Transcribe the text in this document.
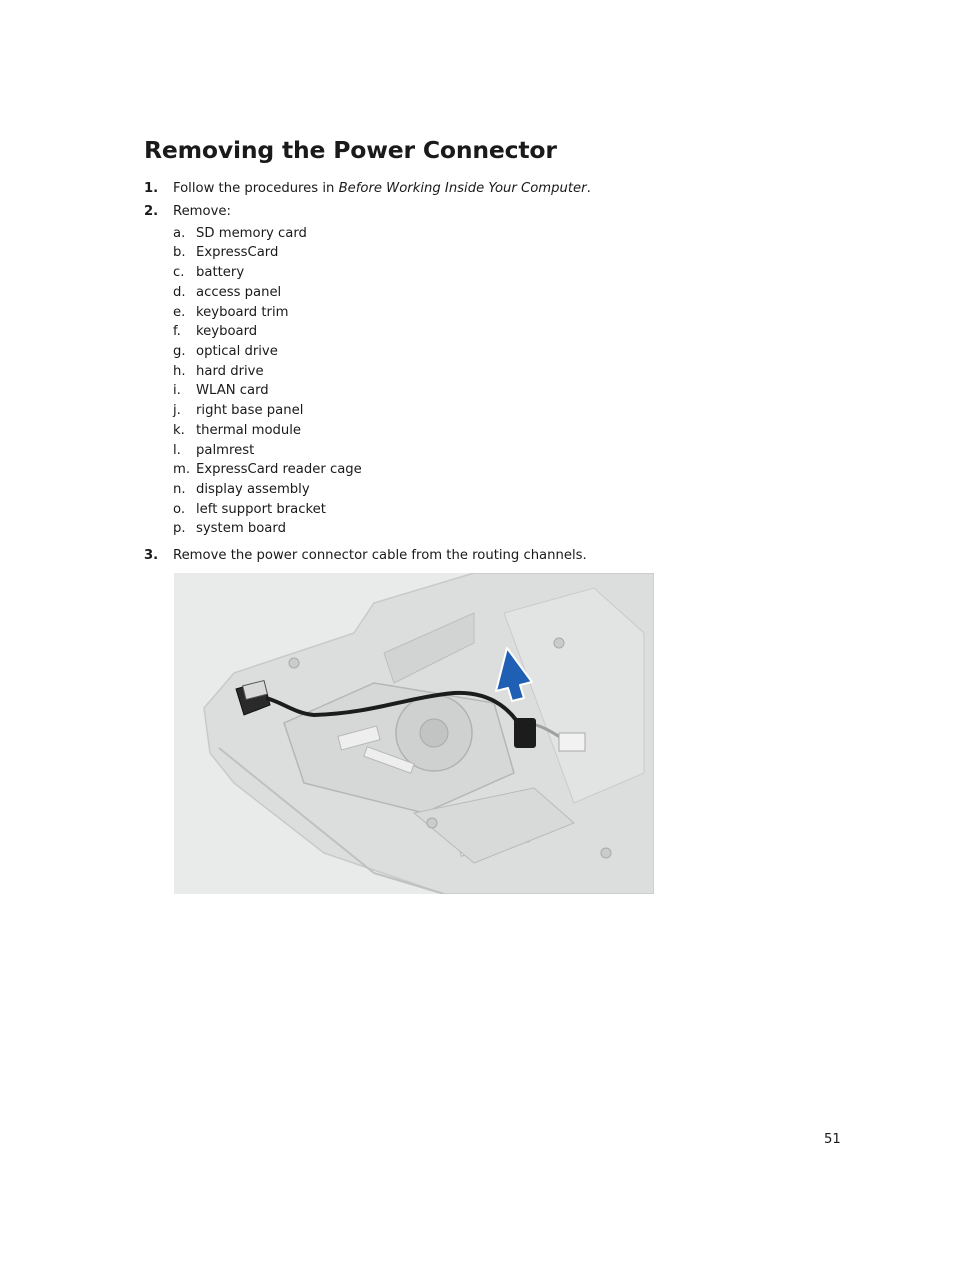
Removing the Power Connector
1. Follow the procedures in Before Working Inside Your Computer.
2. Remove:
a. SD memory card
b. ExpressCard
c. battery
d. access panel
e. keyboard trim
f. keyboard
g. optical drive
h. hard drive
i. WLAN card
j. right base panel
k. thermal module
l. palmrest
m. ExpressCard reader cage
n. display assembly
o. left support bracket
p. system board
3. Remove the power connector cable from the routing channels.
51
